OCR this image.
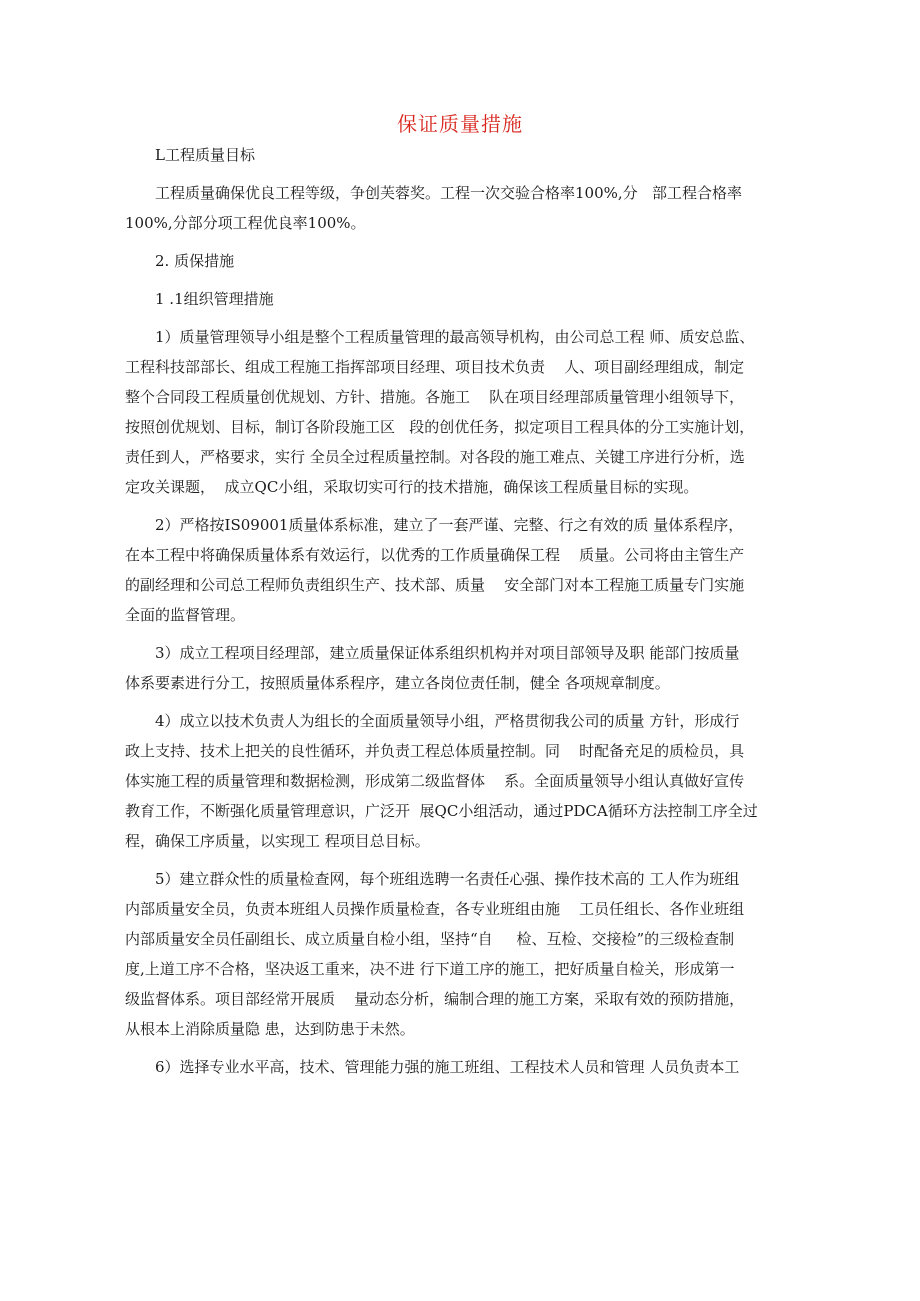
保证质量措施
L工程质量目标
工程质量确保优良工程等级，争创芙蓉奖。工程一次交验合格率100%,分   部工程合格率
100%,分部分项工程优良率100%。
2. 质保措施
1 .1组织管理措施
1）质量管理领导小组是整个工程质量管理的最高领导机构，由公司总工程 师、质安总监、
工程科技部部长、组成工程施工指挥部项目经理、项目技术负责    人、项目副经理组成，制定
整个合同段工程质量创优规划、方针、措施。各施工    队在项目经理部质量管理小组领导下，
按照创优规划、目标，制订各阶段施工区   段的创优任务，拟定项目工程具体的分工实施计划，
责任到人，严格要求，实行 全员全过程质量控制。对各段的施工难点、关键工序进行分析，选
定攻关课题，  成立QC小组，采取切实可行的技术措施，确保该工程质量目标的实现。
2）严格按IS09001质量体系标准，建立了一套严谨、完整、行之有效的质 量体系程序，
在本工程中将确保质量体系有效运行，以优秀的工作质量确保工程    质量。公司将由主管生产
的副经理和公司总工程师负责组织生产、技术部、质量    安全部门对本工程施工质量专门实施
全面的监督管理。
3）成立工程项目经理部，建立质量保证体系组织机构并对项目部领导及职 能部门按质量
体系要素进行分工，按照质量体系程序，建立各岗位责任制，健全 各项规章制度。
4）成立以技术负责人为组长的全面质量领导小组，严格贯彻我公司的质量 方针，形成行
政上支持、技术上把关的良性循环，并负责工程总体质量控制。同    时配备充足的质检员，具
体实施工程的质量管理和数据检测，形成第二级监督体    系。全面质量领导小组认真做好宣传
教育工作，不断强化质量管理意识，广泛开  展QC小组活动，通过PDCA循环方法控制工序全过
程，确保工序质量，以实现工 程项目总目标。
5）建立群众性的质量检查网，每个班组选聘一名责任心强、操作技术高的 工人作为班组
内部质量安全员，负责本班组人员操作质量检查，各专业班组由施    工员任组长、各作业班组
内部质量安全员任副组长、成立质量自检小组，坚持“自     检、互检、交接检”的三级检查制
度,上道工序不合格，坚决返工重来，决不进 行下道工序的施工，把好质量自检关，形成第一
级监督体系。项目部经常开展质    量动态分析，编制合理的施工方案，采取有效的预防措施，
从根本上消除质量隐 患，达到防患于未然。
6）选择专业水平高，技术、管理能力强的施工班组、工程技术人员和管理 人员负责本工
